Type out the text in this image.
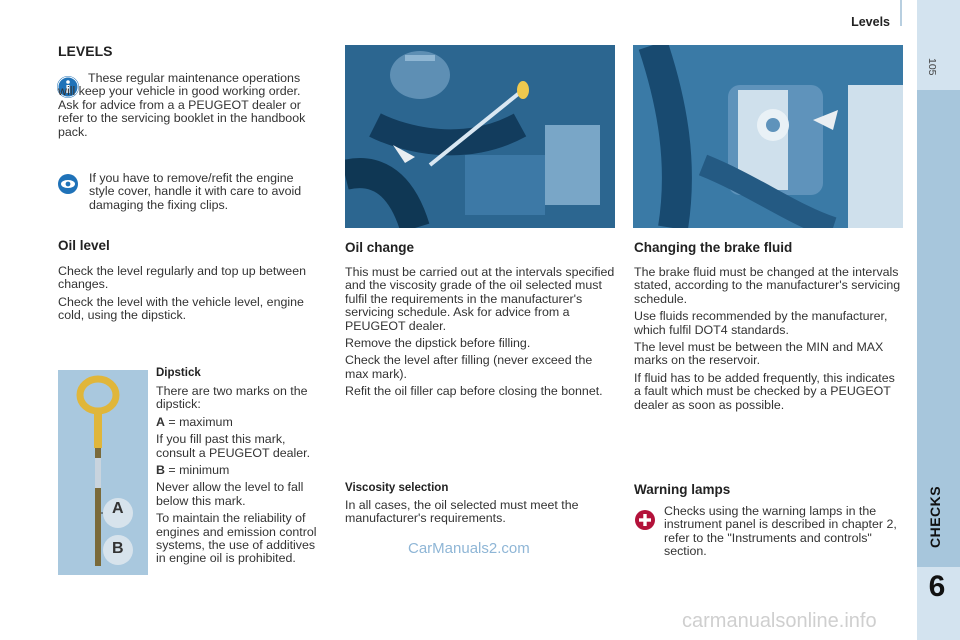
Levels
105
CHECKS
6
LEVELS
These regular maintenance operations will keep your vehicle in good working order. Ask for advice from a a PEUGEOT dealer or refer to the servicing booklet in the handbook pack.
If you have to remove/refit the engine style cover, handle it with care to avoid damaging the fixing clips.
Oil level

Check the level regularly and top up between changes.

Check the level with the vehicle level, engine cold, using the dipstick.

A
B
Dipstick

There are two marks on the dipstick:

A = maximum

If you fill past this mark, consult a PEUGEOT dealer.

B = minimum

Never allow the level to fall below this mark.

To maintain the reliability of engines and emission control systems, the use of additives in engine oil is prohibited.

Oil change

This must be carried out at the intervals specified and the viscosity grade of the oil selected must fulfil the requirements in the manufacturer's servicing schedule. Ask for advice from a PEUGEOT dealer.

Remove the dipstick before filling.

Check the level after filling (never exceed the max mark).

Refit the oil filler cap before closing the bonnet.

Viscosity selection
In all cases, the oil selected must meet the manufacturer's requirements.
Changing the brake fluid

The brake fluid must be changed at the intervals stated, according to the manufacturer's servicing schedule.

Use fluids recommended by the manufacturer, which fulfil DOT4 standards.

The level must be between the MIN and MAX marks on the reservoir.

If fluid has to be added frequently, this indicates a fault which must be checked by a PEUGEOT dealer as soon as possible.

Warning lamps
Checks using the warning lamps in the instrument panel is described in chapter 2, refer to the "Instruments and controls" section.
CarManuals2.com
carmanualsonline.info
